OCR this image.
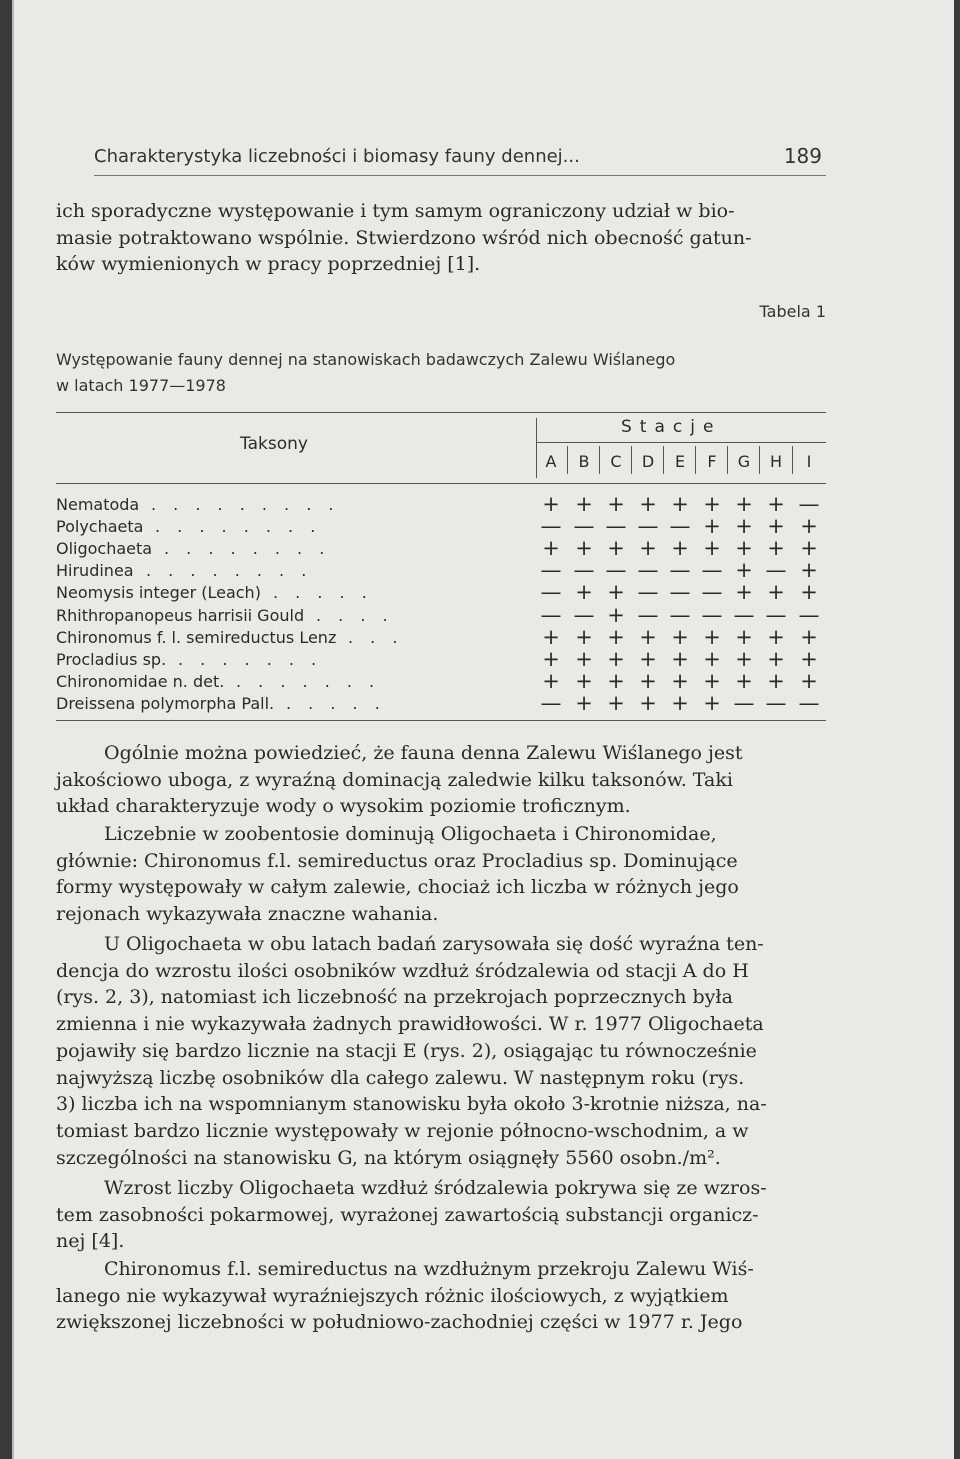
Charakterystyka liczebności i biomasy fauny dennej...	189

ich sporadyczne występowanie i tym samym ograniczony udział w bio-

masie potraktowano wspólnie. Stwierdzono wśród nich obecność gatun-

ków wymienionych w pracy poprzedniej [1].

Tabela 1

Występowanie fauny dennej na stanowiskach badawczych Zalewu Wiślanego

w latach 1977—1978

Taksony
Stacje
A	B	C	D	E	F	G	H	I
Nematoda . . . . . . . . .	+ + + + + + + + —
Polychaeta . . . . . . . .	— — — — — + + + +
Oligochaeta . . . . . . . .	+ + + + + + + + +
Hirudinea . . . . . . . .	— — — — — — + — +
Neomysis integer (Leach) . . . . .	— + + — — — + + +
Rhithropanopeus harrisii Gould . . . .	— — + — — — — — —
Chironomus f. l. semireductus Lenz . . .	+ + + + + + + + +
Procladius sp. . . . . . . .	+ + + + + + + + +
Chironomidae n. det. . . . . . . .	+ + + + + + + + +
Dreissena polymorpha Pall. . . . . .	— + + + + + — — —

Ogólnie można powiedzieć, że fauna denna Zalewu Wiślanego jest

jakościowo uboga, z wyraźną dominacją zaledwie kilku taksonów. Taki

układ charakteryzuje wody o wysokim poziomie troficznym.

Liczebnie w zoobentosie dominują Oligochaeta i Chironomidae,

głównie: Chironomus f.l. semireductus oraz Procladius sp. Dominujące

formy występowały w całym zalewie, chociaż ich liczba w różnych jego

rejonach wykazywała znaczne wahania.

U Oligochaeta w obu latach badań zarysowała się dość wyraźna ten-

dencja do wzrostu ilości osobników wzdłuż śródzalewia od stacji A do H

(rys. 2, 3), natomiast ich liczebność na przekrojach poprzecznych była

zmienna i nie wykazywała żadnych prawidłowości. W r. 1977 Oligochaeta

pojawiły się bardzo licznie na stacji E (rys. 2), osiągając tu równocześnie

najwyższą liczbę osobników dla całego zalewu. W następnym roku (rys.

3) liczba ich na wspomnianym stanowisku była około 3-krotnie niższa, na-

tomiast bardzo licznie występowały w rejonie północno-wschodnim, a w

szczególności na stanowisku G, na którym osiągnęły 5560 osobn./m².

Wzrost liczby Oligochaeta wzdłuż śródzalewia pokrywa się ze wzros-

tem zasobności pokarmowej, wyrażonej zawartością substancji organicz-

nej [4].

Chironomus f.l. semireductus na wzdłużnym przekroju Zalewu Wiś-

lanego nie wykazywał wyraźniejszych różnic ilościowych, z wyjątkiem

zwiększonej liczebności w południowo-zachodniej części w 1977 r. Jego
